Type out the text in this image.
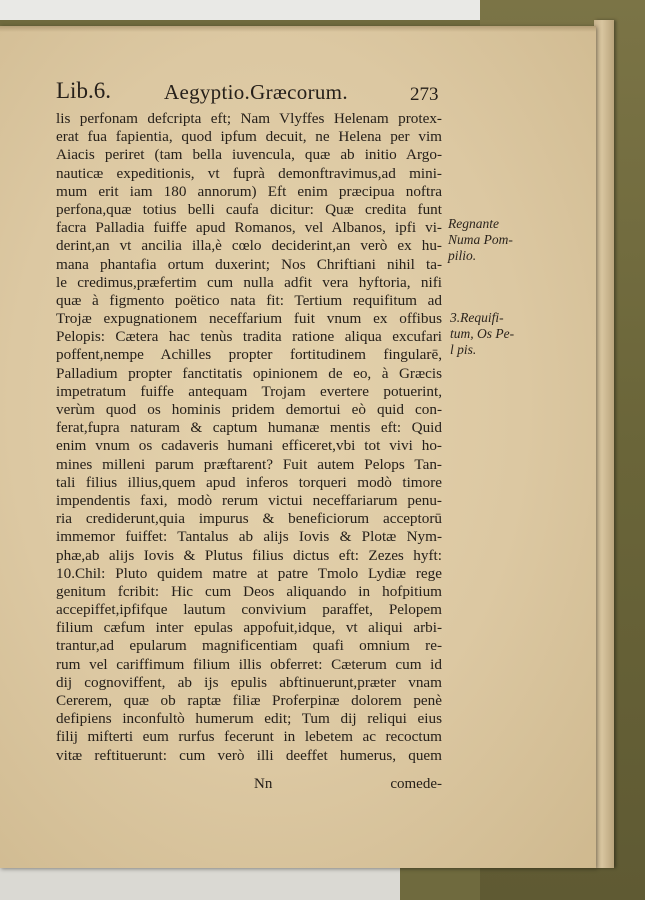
Lib.6.	Aegyptio.Græcorum.	273
lis perfonam defcripta eft; Nam Vlyffes Helenam protex-
erat fua fapientia, quod ipfum decuit, ne Helena per vim
Aiacis periret (tam bella iuvencula, quæ ab initio Argo-
nauticæ expeditionis, vt fuprà demonftravimus,ad mini-
mum erit iam 180 annorum) Eft enim præcipua noftra
perfona,quæ totius belli caufa dicitur: Quæ credita funt
facra Palladia fuiffe apud Romanos, vel Albanos, ipfi vi-
derint,an vt ancilia illa,è cœlo deciderint,an verò ex hu-
mana phantafia ortum duxerint; Nos Chriftiani nihil ta-
le credimus,præfertim cum nulla adfit vera hyftoria, nifi
quæ à figmento poëtico nata fit: Tertium requifitum ad
Trojæ expugnationem neceffarium fuit vnum ex offibus
Pelopis: Cætera hac tenùs tradita ratione aliqua excufari
poffent,nempe Achilles propter fortitudinem fingularē,
Palladium propter fanctitatis opinionem de eo, à Græcis
impetratum fuiffe antequam Trojam evertere potuerint,
verùm quod os hominis pridem demortui eò quid con-
ferat,fupra naturam & captum humanæ mentis eft: Quid
enim vnum os cadaveris humani efficeret,vbi tot vivi ho-
mines milleni parum præftarent? Fuit autem Pelops Tan-
tali filius illius,quem apud inferos torqueri modò timore
impendentis faxi, modò rerum victui neceffariarum penu-
ria crediderunt,quia impurus & beneficiorum acceptorū
immemor fuiffet: Tantalus ab alijs Iovis & Plotæ Nym-
phæ,ab alijs Iovis & Plutus filius dictus eft: Zezes hyft:
10.Chil: Pluto quidem matre at patre Tmolo Lydiæ rege
genitum fcribit: Hic cum Deos aliquando in hofpitium
accepiffet,ipfifque lautum convivium paraffet, Pelopem
filium cæfum inter epulas appofuit,idque, vt aliqui arbi-
trantur,ad epularum magnificentiam quafi omnium re-
rum vel cariffimum filium illis obferret: Cæterum cum id
dij cognoviffent, ab ijs epulis abftinuerunt,præter vnam
Cererem, quæ ob raptæ filiæ Proferpinæ dolorem penè
defipiens inconfultò humerum edit; Tum dij reliqui eius
filij mifterti eum rurfus fecerunt in lebetem ac recoctum
vitæ reftituerunt: cum verò illi deeffet humerus, quem
Nn	comede-
Regnante
Numa Pom-
pilio.
3.Requifi-
tum, Os Pe-
l pis.
